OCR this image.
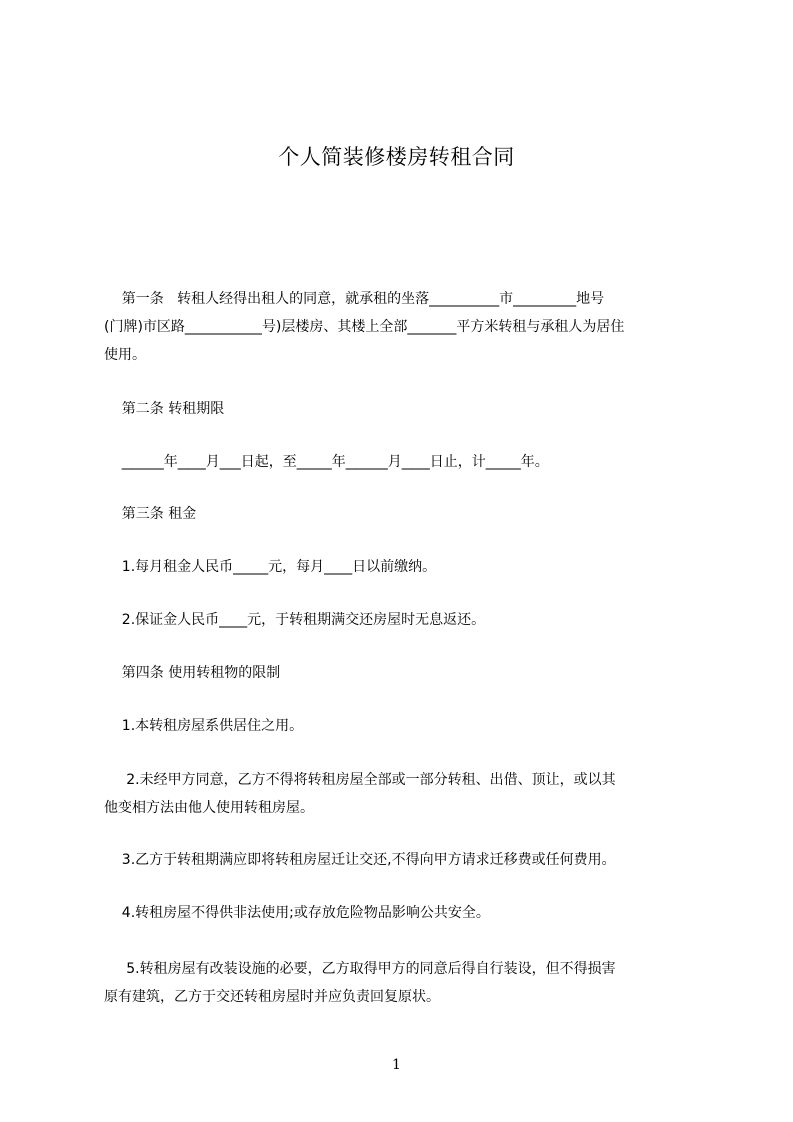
个人简装修楼房转租合同
第一条   转租人经得出租人的同意，就承租的坐落__________市_________地号
(门牌)市区路___________号)层楼房、其楼上全部_______平方米转租与承租人为居住
使用。
第二条 转租期限
______年____月___日起，至_____年______月____日止，计_____年。
第三条 租金
1.每月租金人民币_____元，每月____日以前缴纳。
2.保证金人民币____元，于转租期满交还房屋时无息返还。
第四条 使用转租物的限制
1.本转租房屋系供居住之用。
2.未经甲方同意，乙方不得将转租房屋全部或一部分转租、出借、顶让，或以其
他变相方法由他人使用转租房屋。
3.乙方于转租期满应即将转租房屋迁让交还,不得向甲方请求迁移费或任何费用。
4.转租房屋不得供非法使用;或存放危险物品影响公共安全。
5.转租房屋有改装设施的必要，乙方取得甲方的同意后得自行装设，但不得损害
原有建筑，乙方于交还转租房屋时并应负责回复原状。
1
